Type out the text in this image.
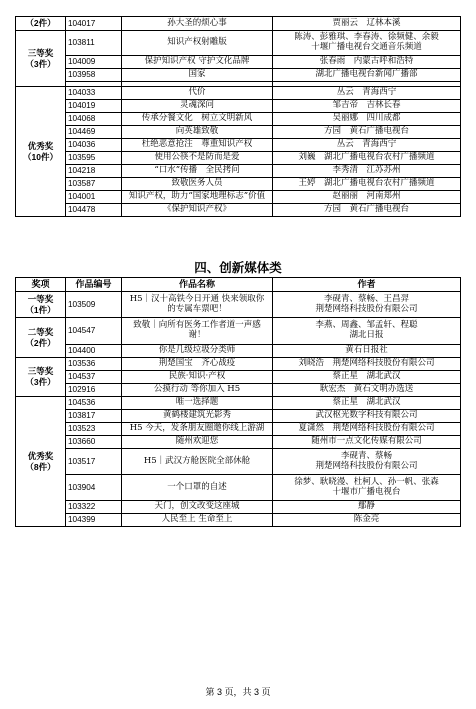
（2件）	104017	孙大圣的烦心事	贾丽云　辽林本溪

三等奖
（3件）	103811	知识产权射雕版	陈涛、彭雅琪、李春涛、徐频健、余毅
十堰广播电视台交通音乐频道

	104009	保护知识产权 守护文化品牌	张春雨　内蒙古呼和浩特

	103958	国家	湖北广播电视台新闻广播部

优秀奖
（10件）	104033	代价	丛云　青海西宁

	104019	灵魂深问	邹吉帝　吉林长春

	104068	传承分餐文化　树立文明新风	吴丽娜　四川成都

	104469	向英雄致敬	方园　黄石广播电视台

	104036	杜绝恶意抢注　尊重知识产权	丛云　青海西宁

	103595	使用公筷不是防而是爱	刘巍　湖北广播电视台农村广播频道

	104218	“口水”传播　全民拷问	李秀清　江苏苏州

	103587	致敬医务人员	王婷　湖北广播电视台农村广播频道

	104001	知识产权，助力“国家地理标志”价值	赵丽丽　河南郑州

	104478	《保护知识产权》	方园　黄石广播电视台
四、创新媒体类
奖项	作品编号	作品名称	作者

一等奖
（1件）	103509	H5｜汉十高铁今日开通 快来领取你
的专属车票吧！	李砚青、蔡畅、王昌羿
荆楚网络科技股份有限公司

二等奖
（2件）	104547	致敬｜向所有医务工作者道一声感
谢！	李燕、周鑫、邹孟轩、程聪
湖北日报

	104400	你是几级垃圾分类师	黄石日报社

三等奖
（3件）	103536	荆楚国宝　齐心战疫	刘晓浩　荆楚网络科技股份有限公司

	104537	民族·知识·产权	蔡正星　湖北武汉

	102916	公摸行动 等你加入 H5	耿宏杰　黄石文明办选送

优秀奖
（8件）	104536	唯一选择题	蔡正星　湖北武汉

	103817	黄鹤楼建筑光影秀	武汉枢光数字科技有限公司

	103523	H5 今天，发条朋友圈邀你线上游湖	夏潇然　荆楚网络科技股份有限公司

	103660	随州欢迎您	随州市一点文化传媒有限公司

	103517	H5｜武汉方舱医院全部休舱	李砚青、蔡畅
荆楚网络科技股份有限公司

	103904	一个口罩的自述	徐梦、耿晓漫、杜柯人、孙一帆、张森
十堰市广播电视台

	103322	天门，创文改变这座城	鄢静

	104399	人民至上 生命至上	陈金亮
第 3 页，共 3 页
